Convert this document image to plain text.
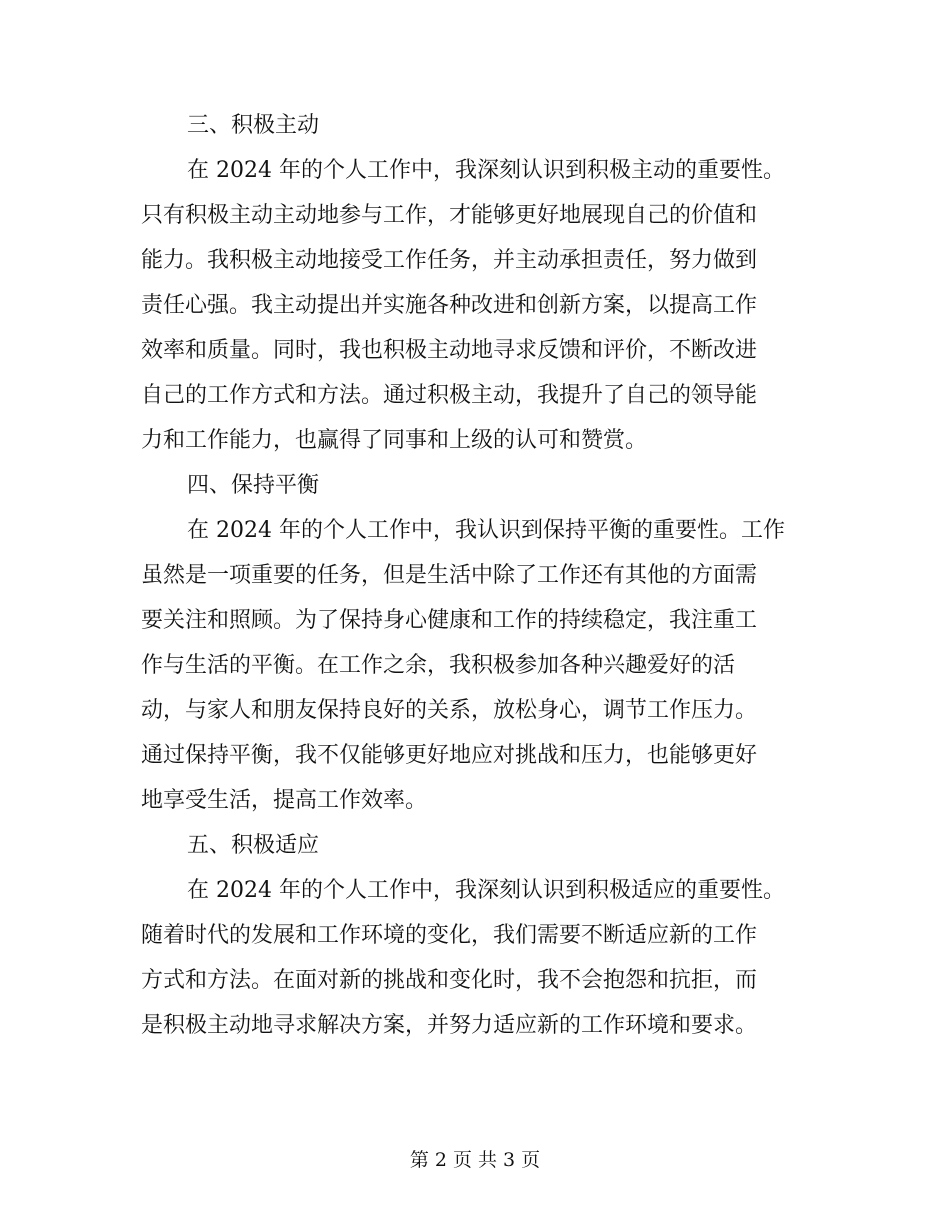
三、积极主动
在 2024 年的个人工作中，我深刻认识到积极主动的重要性。
只有积极主动主动地参与工作，才能够更好地展现自己的价值和
能力。我积极主动地接受工作任务，并主动承担责任，努力做到
责任心强。我主动提出并实施各种改进和创新方案，以提高工作
效率和质量。同时，我也积极主动地寻求反馈和评价，不断改进
自己的工作方式和方法。通过积极主动，我提升了自己的领导能
力和工作能力，也赢得了同事和上级的认可和赞赏。
四、保持平衡
在 2024 年的个人工作中，我认识到保持平衡的重要性。工作
虽然是一项重要的任务，但是生活中除了工作还有其他的方面需
要关注和照顾。为了保持身心健康和工作的持续稳定，我注重工
作与生活的平衡。在工作之余，我积极参加各种兴趣爱好的活
动，与家人和朋友保持良好的关系，放松身心，调节工作压力。
通过保持平衡，我不仅能够更好地应对挑战和压力，也能够更好
地享受生活，提高工作效率。
五、积极适应
在 2024 年的个人工作中，我深刻认识到积极适应的重要性。
随着时代的发展和工作环境的变化，我们需要不断适应新的工作
方式和方法。在面对新的挑战和变化时，我不会抱怨和抗拒，而
是积极主动地寻求解决方案，并努力适应新的工作环境和要求。
第 2 页 共 3 页
